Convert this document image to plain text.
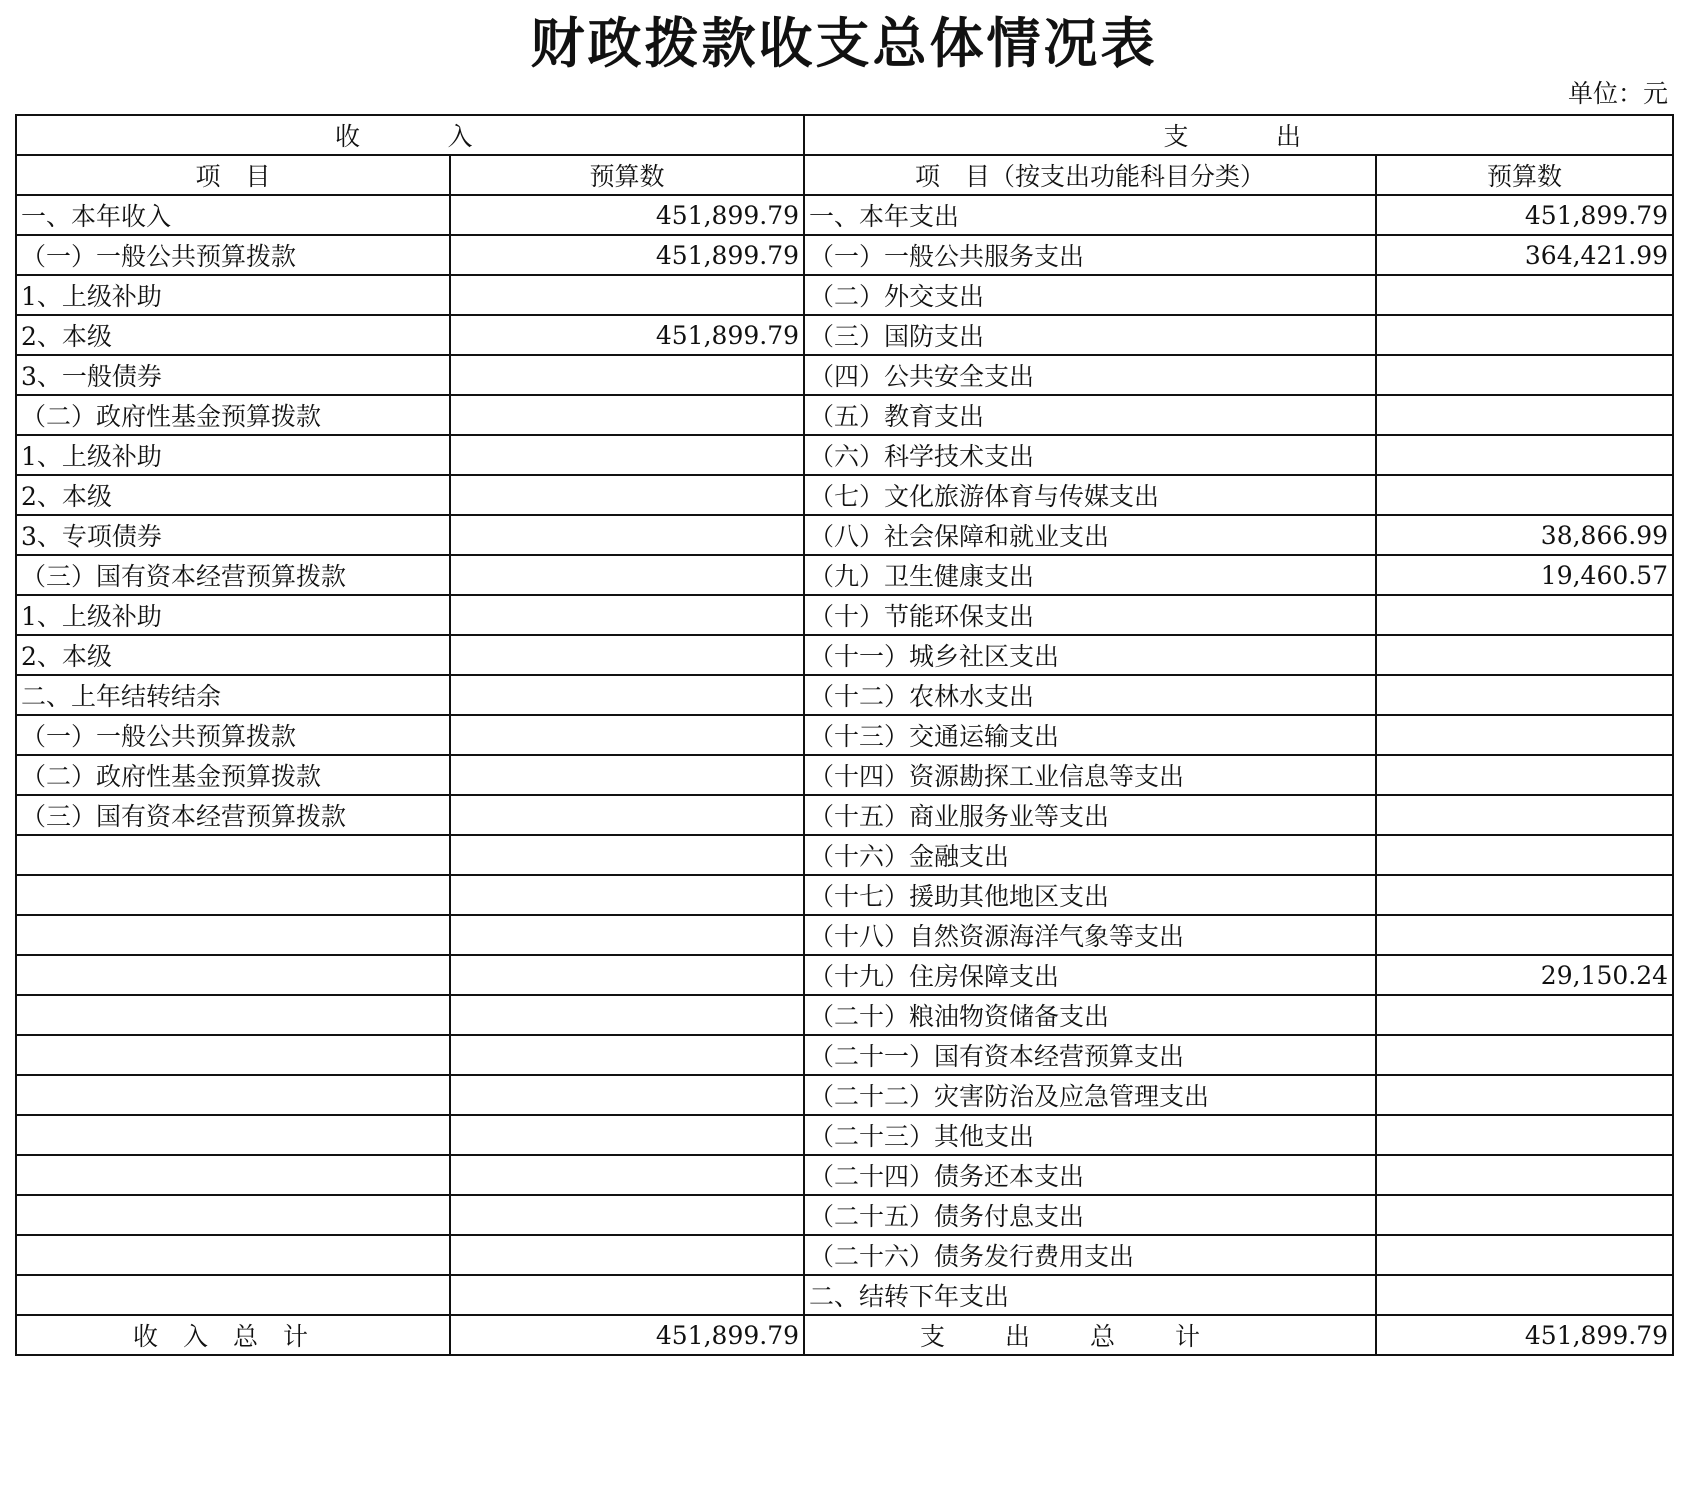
财政拨款收支总体情况表
单位：元
收　　入		支　　出	
项　目	预算数	项　目（按支出功能科目分类）	预算数
一、本年收入	451,899.79	一、本年支出	451,899.79
（一）一般公共预算拨款	451,899.79	（一）一般公共服务支出	364,421.99
1、上级补助		（二）外交支出	
2、本级	451,899.79	（三）国防支出	
3、一般债券		（四）公共安全支出	
（二）政府性基金预算拨款		（五）教育支出	
1、上级补助		（六）科学技术支出	
2、本级		（七）文化旅游体育与传媒支出	
3、专项债券		（八）社会保障和就业支出	38,866.99
（三）国有资本经营预算拨款		（九）卫生健康支出	19,460.57
1、上级补助		（十）节能环保支出	
2、本级		（十一）城乡社区支出	
二、上年结转结余		（十二）农林水支出	
（一）一般公共预算拨款		（十三）交通运输支出	
（二）政府性基金预算拨款		（十四）资源勘探工业信息等支出	
（三）国有资本经营预算拨款		（十五）商业服务业等支出	
		（十六）金融支出	
		（十七）援助其他地区支出	
		（十八）自然资源海洋气象等支出	
		（十九）住房保障支出	29,150.24
		（二十）粮油物资储备支出	
		（二十一）国有资本经营预算支出	
		（二十二）灾害防治及应急管理支出	
		（二十三）其他支出	
		（二十四）债务还本支出	
		（二十五）债务付息支出	
		（二十六）债务发行费用支出	
		二、结转下年支出	
收入总计	451,899.79	支出总计	451,899.79
